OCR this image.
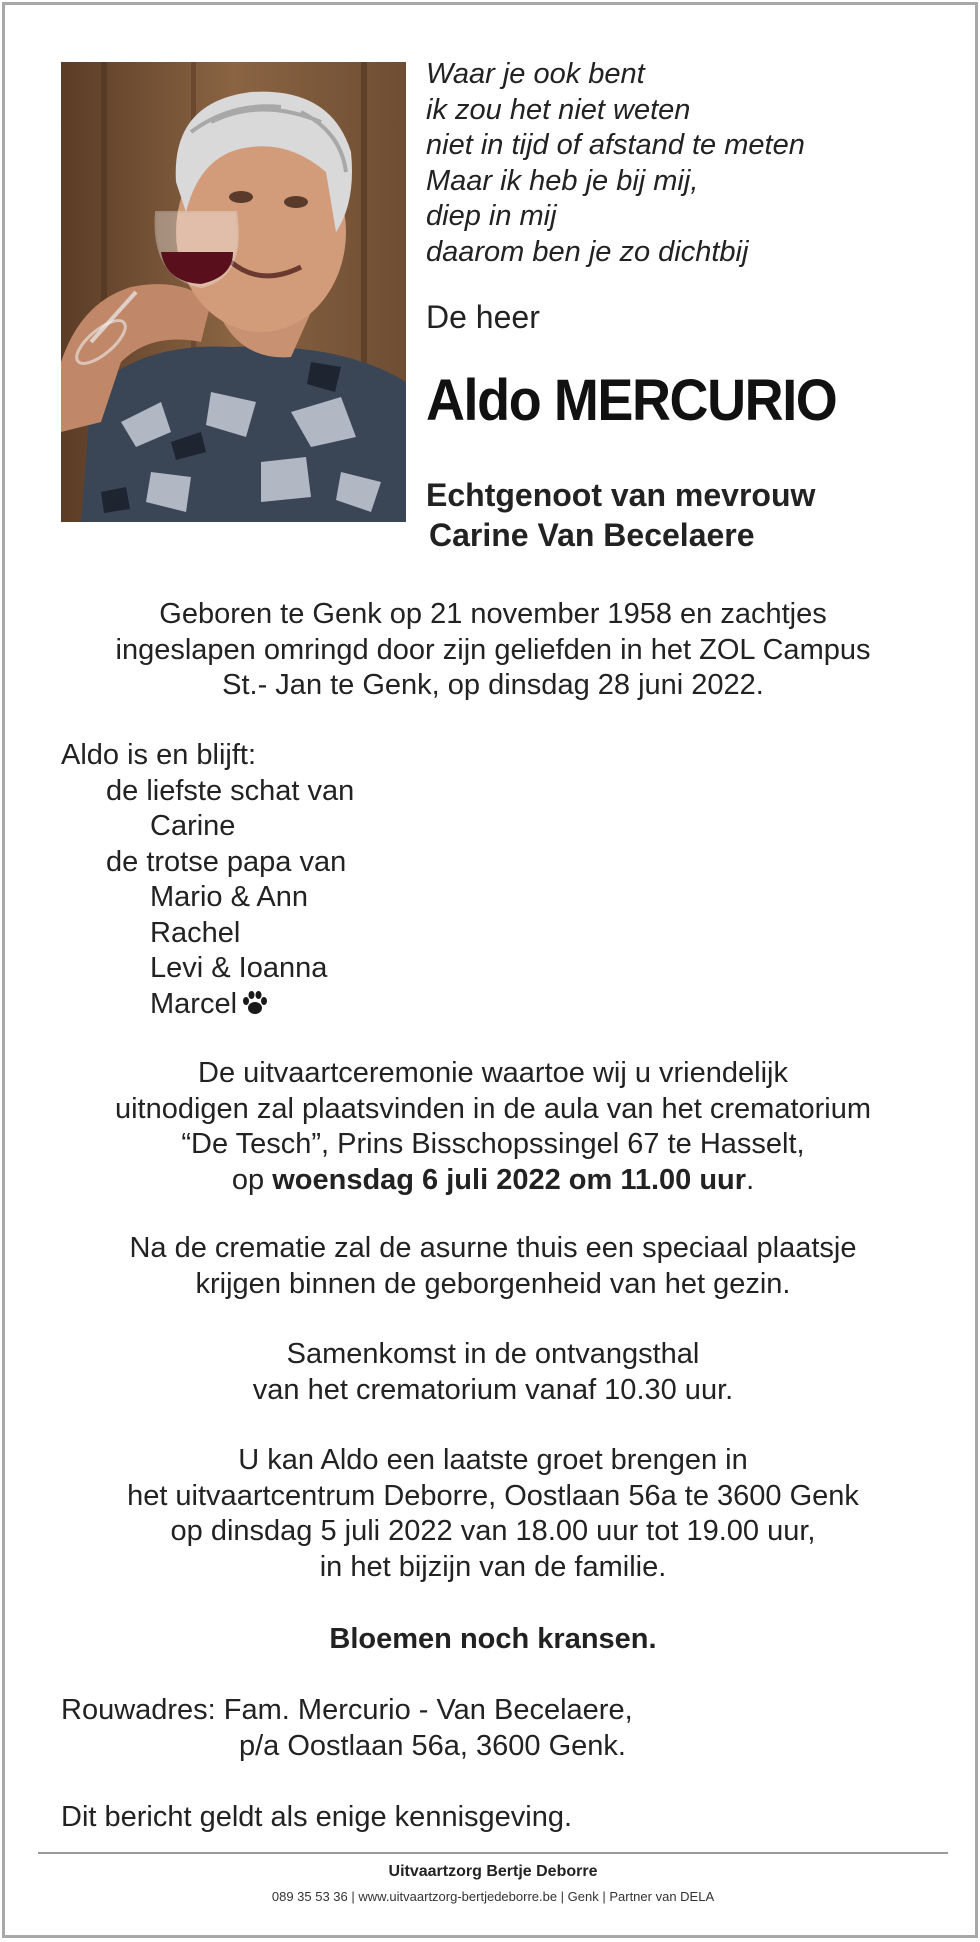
Waar je ook bent
ik zou het niet weten
niet in tijd of afstand te meten
Maar ik heb je bij mij,
diep in mij
daarom ben je zo dichtbij
De heer
Aldo MERCURIO
Echtgenoot van mevrouw
Carine Van Becelaere
Geboren te Genk op 21 november 1958 en zachtjes
ingeslapen omringd door zijn geliefden in het ZOL Campus
St.- Jan te Genk, op dinsdag 28 juni 2022.
Aldo is en blijft:
de liefste schat van
Carine
de trotse papa van
Mario & Ann
Rachel
Levi & Ioanna
Marcel
De uitvaartceremonie waartoe wij u vriendelijk
uitnodigen zal plaatsvinden in de aula van het crematorium
“De Tesch”, Prins Bisschopssingel 67 te Hasselt,
op woensdag 6 juli 2022 om 11.00 uur.
Na de crematie zal de asurne thuis een speciaal plaatsje
krijgen binnen de geborgenheid van het gezin.
Samenkomst in de ontvangsthal
van het crematorium vanaf 10.30 uur.
U kan Aldo een laatste groet brengen in
het uitvaartcentrum Deborre, Oostlaan 56a te 3600 Genk
op dinsdag 5 juli 2022 van 18.00 uur tot 19.00 uur,
in het bijzijn van de familie.
Bloemen noch kransen.
Rouwadres: Fam. Mercurio - Van Becelaere,
p/a Oostlaan 56a, 3600 Genk.
Dit bericht geldt als enige kennisgeving.
Uitvaartzorg Bertje Deborre
089 35 53 36 | www.uitvaartzorg-bertjedeborre.be | Genk | Partner van DELA
